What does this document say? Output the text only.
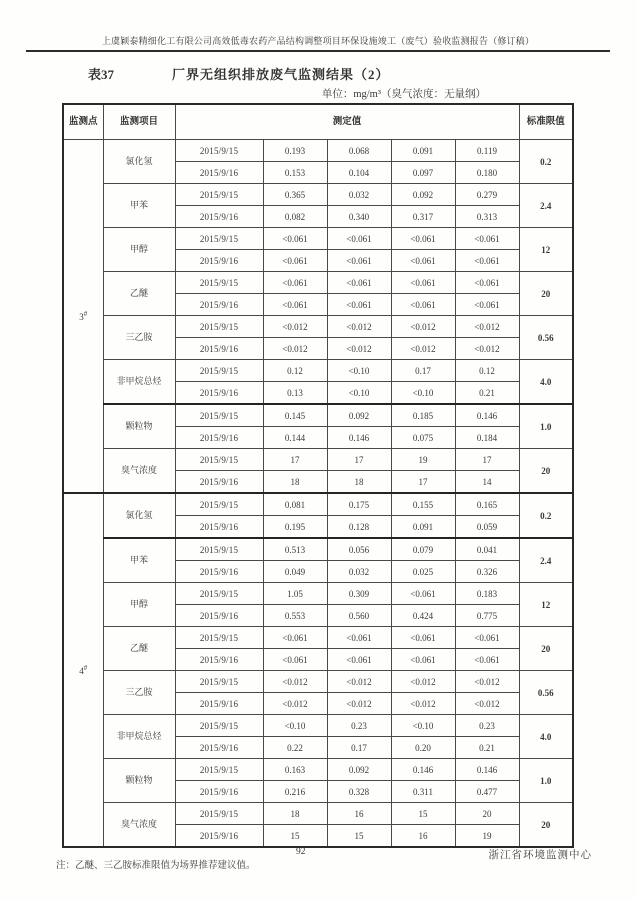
上虞颖泰精细化工有限公司高效低毒农药产品结构调整项目环保设施竣工（废气）验收监测报告（修订稿）
表37	厂界无组织排放废气监测结果（2）
单位：mg/m³（臭气浓度：无量纲）
监测点	监测项目	测定值					标准限值
3#	氯化氢	2015/9/15	0.193	0.068	0.091	0.119	0.2
		2015/9/16	0.153	0.104	0.097	0.180	
	甲苯	2015/9/15	0.365	0.032	0.092	0.279	2.4
		2015/9/16	0.082	0.340	0.317	0.313	
	甲醇	2015/9/15	<0.061	<0.061	<0.061	<0.061	12
		2015/9/16	<0.061	<0.061	<0.061	<0.061	
	乙醚	2015/9/15	<0.061	<0.061	<0.061	<0.061	20
		2015/9/16	<0.061	<0.061	<0.061	<0.061	
	三乙胺	2015/9/15	<0.012	<0.012	<0.012	<0.012	0.56
		2015/9/16	<0.012	<0.012	<0.012	<0.012	
	非甲烷总烃	2015/9/15	0.12	<0.10	0.17	0.12	4.0
		2015/9/16	0.13	<0.10	<0.10	0.21	
	颗粒物	2015/9/15	0.145	0.092	0.185	0.146	1.0
		2015/9/16	0.144	0.146	0.075	0.184	
	臭气浓度	2015/9/15	17	17	19	17	20
		2015/9/16	18	18	17	14	
4#	氯化氢	2015/9/15	0.081	0.175	0.155	0.165	0.2
		2015/9/16	0.195	0.128	0.091	0.059	
	甲苯	2015/9/15	0.513	0.056	0.079	0.041	2.4
		2015/9/16	0.049	0.032	0.025	0.326	
	甲醇	2015/9/15	1.05	0.309	<0.061	0.183	12
		2015/9/16	0.553	0.560	0.424	0.775	
	乙醚	2015/9/15	<0.061	<0.061	<0.061	<0.061	20
		2015/9/16	<0.061	<0.061	<0.061	<0.061	
	三乙胺	2015/9/15	<0.012	<0.012	<0.012	<0.012	0.56
		2015/9/16	<0.012	<0.012	<0.012	<0.012	
	非甲烷总烃	2015/9/15	<0.10	0.23	<0.10	0.23	4.0
		2015/9/16	0.22	0.17	0.20	0.21	
	颗粒物	2015/9/15	0.163	0.092	0.146	0.146	1.0
		2015/9/16	0.216	0.328	0.311	0.477	
	臭气浓度	2015/9/15	18	16	15	20	20
		2015/9/16	15	15	16	19	
注：乙醚、三乙胺标准限值为场界推荐建议值。
92	浙江省环境监测中心
